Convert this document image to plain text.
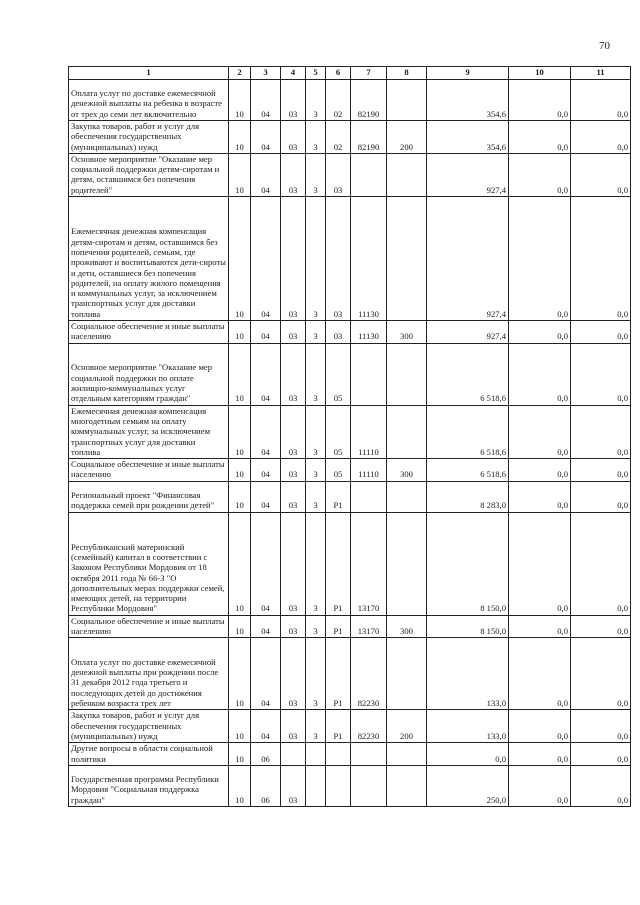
70
1	2	3	4	5	6	7	8	9	10	11
Оплата услуг по доставке ежемесячной денежной выплаты на ребенка в возрасте от трех до семи лет включительно	10	04	03	3	02	82190		354,6	0,0	0,0
Закупка товаров, работ и услуг для обеспечения государственных (муниципальных) нужд	10	04	03	3	02	82190	200	354,6	0,0	0,0
Основное мероприятие "Оказание мер социальной поддержки детям-сиротам и детям, оставшимся без попечения родителей"	10	04	03	3	03			927,4	0,0	0,0
Ежемесячная денежная компенсация детям-сиротам и детям, оставшимся без попечения родителей, семьям, где проживают и воспитываются дети-сироты и дети, оставшиеся без попечения родителей, на оплату жилого помещения и коммунальных услуг, за исключением транспортных услуг для доставки топлива	10	04	03	3	03	11130		927,4	0,0	0,0
Социальное обеспечение и иные выплаты населению	10	04	03	3	03	11130	300	927,4	0,0	0,0
Основное мероприятие "Оказание мер социальной поддержки по оплате жилищно-коммунальных услуг отдельным категориям граждан"	10	04	03	3	05			6 518,6	0,0	0,0
Ежемесячная денежная компенсация многодетным семьям на оплату коммунальных услуг, за исключением транспортных услуг для доставки топлива	10	04	03	3	05	11110		6 518,6	0,0	0,0
Социальное обеспечение и иные выплаты населению	10	04	03	3	05	11110	300	6 518,6	0,0	0,0
Региональный проект "Финансовая поддержка семей при рождении детей"	10	04	03	3	P1			8 283,0	0,0	0,0
Республиканский материнский (семейный) капитал в соответствии с Законом Республики Мордовия от 18 октября 2011 года № 66-З "О дополнительных мерах поддержки семей, имеющих детей, на территории Республики Мордовия"	10	04	03	3	P1	13170		8 150,0	0,0	0,0
Социальное обеспечение и иные выплаты населению	10	04	03	3	P1	13170	300	8 150,0	0,0	0,0
Оплата услуг по доставке ежемесячной денежной выплаты при рождении после 31 декабря 2012 года третьего и последующих детей до достижения ребенком возраста трех лет	10	04	03	3	P1	82230		133,0	0,0	0,0
Закупка товаров, работ и услуг для обеспечения государственных (муниципальных) нужд	10	04	03	3	P1	82230	200	133,0	0,0	0,0
Другие вопросы в области социальной политики	10	06						0,0	0,0	0,0
Государственная программа Республики Мордовия "Социальная поддержка граждан"	10	06	03					250,0	0,0	0,0
